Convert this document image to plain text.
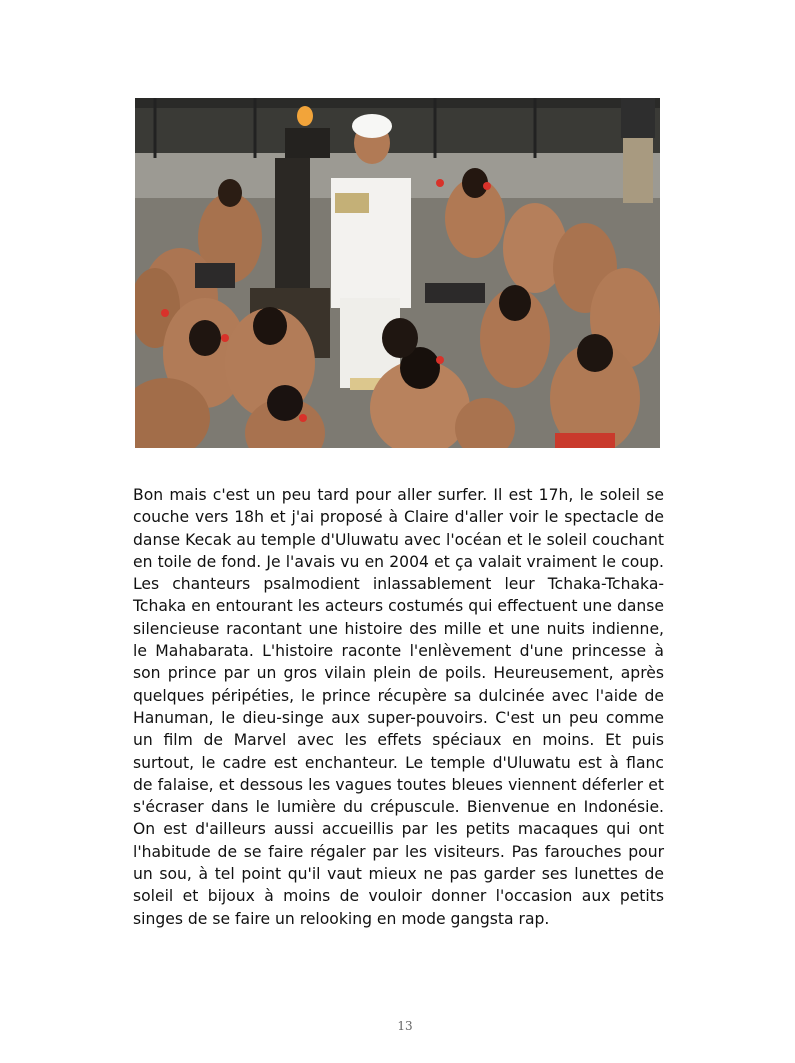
Bon mais c'est un peu tard pour aller surfer. Il est 17h, le soleil se couche vers 18h et j'ai proposé à Claire d'aller voir le spectacle de danse Kecak au temple d'Uluwatu avec l'océan et le soleil couchant en toile de fond. Je l'avais vu en 2004 et ça valait vraiment le coup. Les chanteurs psalmodient inlassablement leur Tchaka-Tchaka-Tchaka en entourant les acteurs costumés qui effectuent une danse silencieuse racontant une histoire des mille et une nuits indienne, le Mahabarata. L'histoire raconte l'enlèvement d'une princesse à son prince par un gros vilain plein de poils. Heureusement, après quelques péripéties, le prince récupère sa dulcinée avec l'aide de Hanuman, le dieu-singe aux super-pouvoirs. C'est un peu comme un film de Marvel avec les effets spéciaux en moins. Et puis surtout, le cadre est enchanteur. Le temple d'Uluwatu est à flanc de falaise, et dessous les vagues toutes bleues viennent déferler et s'écraser dans le lumière du crépuscule. Bienvenue en Indonésie. On est d'ailleurs aussi accueillis par les petits macaques qui ont l'habitude de se faire régaler par les visiteurs. Pas farouches pour un sou, à tel point qu'il vaut mieux ne pas garder ses lunettes de soleil et bijoux à moins de vouloir donner l'occasion aux petits singes de se faire un relooking en mode gangsta rap.

13
